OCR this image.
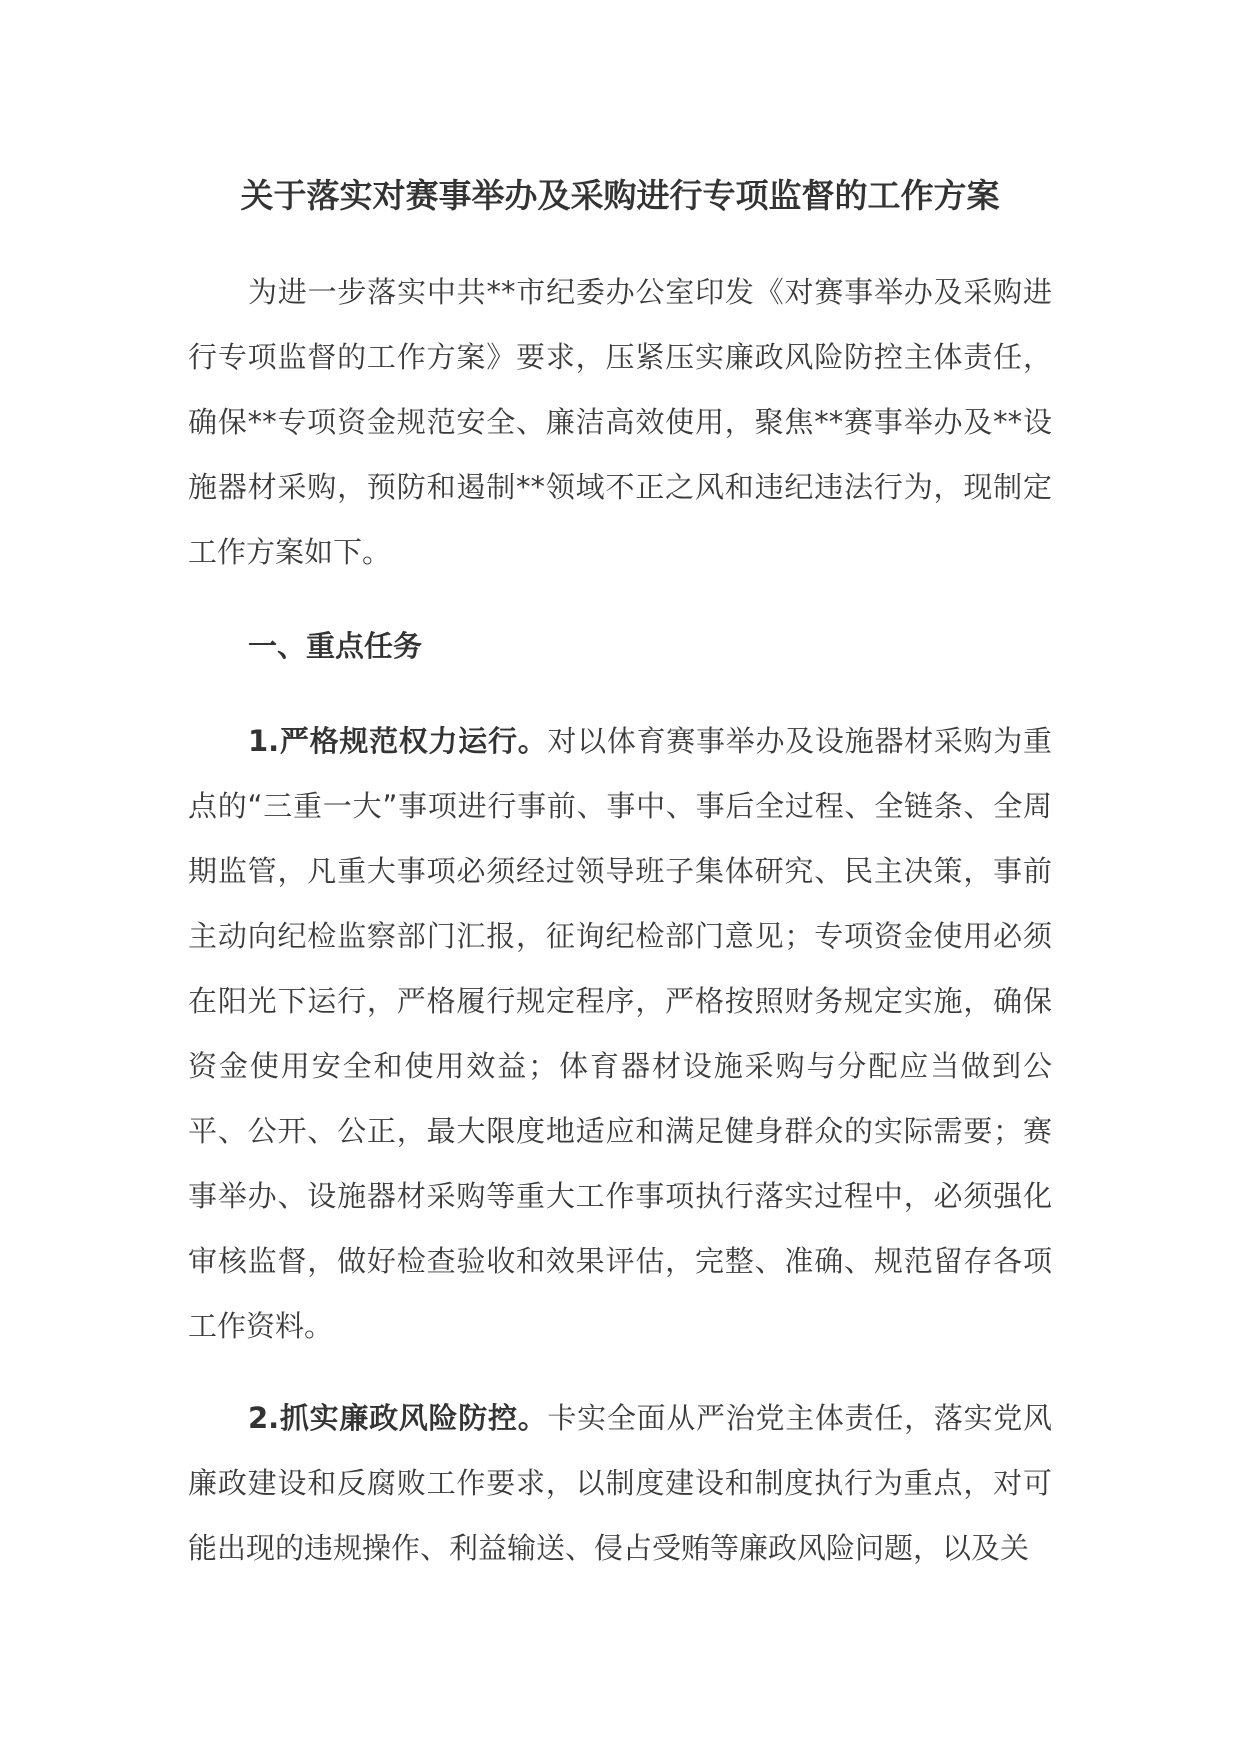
关于落实对赛事举办及采购进行专项监督的工作方案
为进一步落实中共**市纪委办公室印发《对赛事举办及采购进行专项监督的工作方案》要求，压紧压实廉政风险防控主体责任，确保**专项资金规范安全、廉洁高效使用，聚焦**赛事举办及**设施器材采购，预防和遏制**领域不正之风和违纪违法行为，现制定工作方案如下。
一、重点任务
1.严格规范权力运行。对以体育赛事举办及设施器材采购为重点的“三重一大”事项进行事前、事中、事后全过程、全链条、全周期监管，凡重大事项必须经过领导班子集体研究、民主决策，事前主动向纪检监察部门汇报，征询纪检部门意见；专项资金使用必须在阳光下运行，严格履行规定程序，严格按照财务规定实施，确保资金使用安全和使用效益；体育器材设施采购与分配应当做到公平、公开、公正，最大限度地适应和满足健身群众的实际需要；赛事举办、设施器材采购等重大工作事项执行落实过程中，必须强化审核监督，做好检查验收和效果评估，完整、准确、规范留存各项工作资料。
2.抓实廉政风险防控。卡实全面从严治党主体责任，落实党风廉政建设和反腐败工作要求，以制度建设和制度执行为重点，对可能出现的违规操作、利益输送、侵占受贿等廉政风险问题，以及关
